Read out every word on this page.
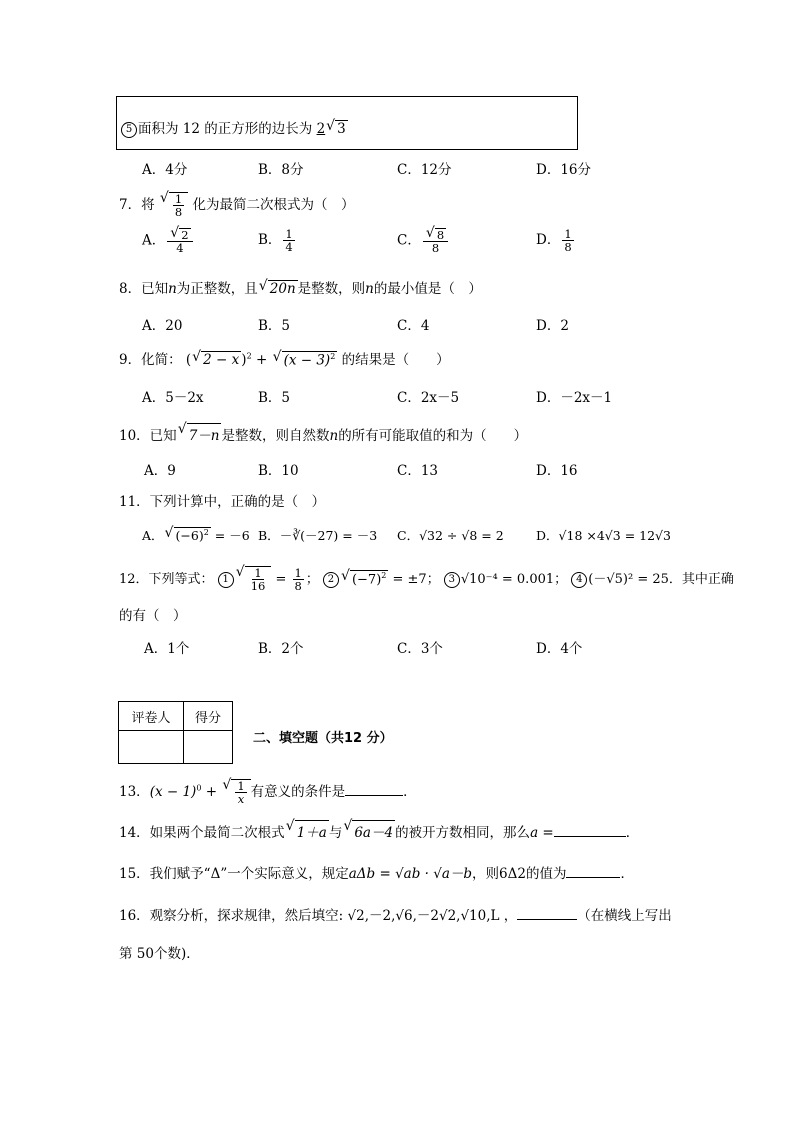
5 面积为 12 的正方形的边长为 2 √ 3
A．4分	B．8分	C．12分	D．16分
7．将 √ $\frac{1}{8}$ 化为最简二次根式为（　）
A． √ $\frac{2}{4}$	B． $\frac{1}{4}$	C． √ $\frac{8}{8}$	D． $\frac{1}{8}$
8．已知n为正整数，且 √ 20n 是整数，则n的最小值是（　）
A．20	B．5	C．4	D．2
9．化简： ( √ 2 − x )$^2$ + √ $(x - 3)^2$ 的结果是（　　）
A．5－2x	B．5	C．2x－5	D．－2x－1
10．已知 √ 7－n 是整数，则自然数n的所有可能取值的和为（　　）
A．9	B．10	C．13	D．16
11．下列计算中，正确的是（　）
A． √ $(-6)^2 = -6$ B．－∛(－27) = －3 C．√32 ÷ √8 = 2	D．√18 ×4√3 = 12√3
12．下列等式： 1 √ $\frac{1}{16} = \frac{1}{8}$ ； 2 √ $(-7)^2 = \pm 7$； 3 √10⁻⁴ = 0.001； 4 (－√5)² = 25．其中正确
的有（　）
A．1个	B．2个	C．3个	D．4个
评卷人	得分

二、填空题（共12 分）
13．$(x - 1)^0$ + √ $\frac{1}{x}$ 有意义的条件是	．
14．如果两个最简二次根式 √ 1＋a 与 √ 6a－4 的被开方数相同，那么a =	．
15．我们赋予“Δ”一个实际意义，规定aΔb = √ab · √a－b，则6Δ2的值为	．
16．观察分析，探求规律，然后填空: √2,－2,√6,－2√2,√10,L ，	（在横线上写出
第 50个数)．
